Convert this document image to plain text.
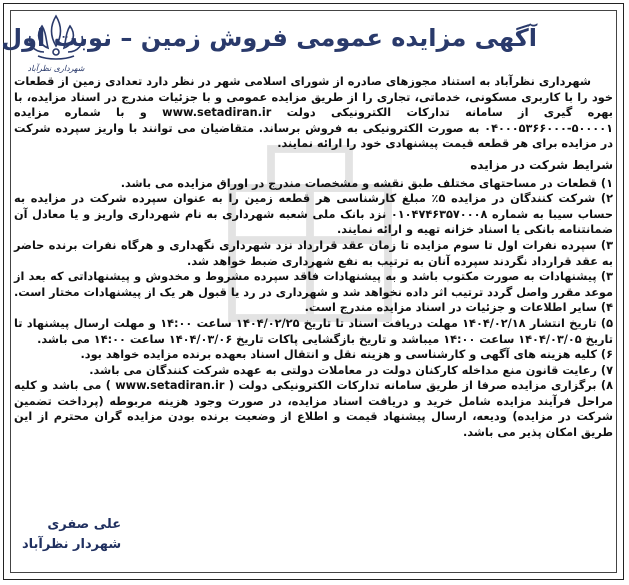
آگهی مزایده عمومی فروش زمین – نوبت اول
شهرداری نظرآباد

شهرداری نظرآباد به استناد مجوزهای صادره از شورای اسلامی شهر در نظر دارد تعدادی زمین از قطعات خود را با کاربری مسکونی، خدماتی، تجاری را از طریق مزایده عمومی و با جزئیات مندرج در اسناد مزایده، با بهره گیری از سامانه تدارکات الکترونیکی دولت www.setadiran.ir و با شماره مزایده ۵۰۰۰۰۱-۰۴۰۰۰۵۳۶۶۰۰۰ به صورت الکترونیکی به فروش برساند. متقاضیان می توانند با واریز سپرده شرکت در مزایده برای هر قطعه قیمت پیشنهادی خود را ارائه نمایند.

شرایط شرکت در مزایده

۱) قطعات در مساحتهای مختلف طبق نقشه و مشخصات مندرج در اوراق مزایده می باشد.

۲) شرکت کنندگان در مزایده ۵٪ مبلغ کارشناسی هر قطعه زمین را به عنوان سپرده شرکت در مزایده به حساب سیبا به شماره ۰۱۰۴۷۴۶۳۵۷۰۰۰۸ نزد بانک ملی شعبه شهرداری به نام شهرداری واریز و یا معادل آن ضمانتنامه بانکی یا اسناد خزانه تهیه و ارائه نمایند.

۳) سپرده نفرات اول تا سوم مزایده تا زمان عقد قرارداد نزد شهرداری نگهداری و هرگاه نفرات برنده حاضر به عقد قرارداد نگردند سپرده آنان به ترتیب به نفع شهرداری ضبط خواهد شد.

۳) پیشنهادات به صورت مکتوب باشد و به پیشنهادات فاقد سپرده مشروط و مخدوش و پیشنهاداتی که بعد از موعد مقرر واصل گردد ترتیب اثر داده نخواهد شد و شهرداری در رد یا قبول هر یک از پیشنهادات مختار است.

۴) سایر اطلاعات و جزئیات در اسناد مزایده مندرج است.

۵) تاریخ انتشار ۱۴۰۴/۰۲/۱۸ مهلت دریافت اسناد تا تاریخ ۱۴۰۴/۰۲/۲۵ ساعت ۱۴:۰۰ و مهلت ارسال پیشنهاد تا تاریخ ۱۴۰۴/۰۳/۰۵ ساعت ۱۴:۰۰ میباشد و تاریخ بازگشایی پاکات تاریخ ۱۴۰۴/۰۳/۰۶ ساعت ۱۴:۰۰ می باشد.

۶) کلیه هزینه های آگهی و کارشناسی و هزینه نقل و انتقال اسناد بعهده برنده مزایده خواهد بود.

۷) رعایت قانون منع مداخله کارکنان دولت در معاملات دولتی به عهده شرکت کنندگان می باشد.

۸) برگزاری مزایده صرفا از طریق سامانه تدارکات الکترونیکی دولت ( www.setadiran.ir ) می باشد و کلیه مراحل فرآیند مزایده شامل خرید و دریافت اسناد مزایده، در صورت وجود هزینه مربوطه (پرداخت تضمین شرکت در مزایده) ودیعه، ارسال پیشنهاد قیمت و اطلاع از وضعیت برنده بودن مزایده گران محترم از این طریق امکان پذیر می باشد.

علی صفری
شهردار نظرآباد
